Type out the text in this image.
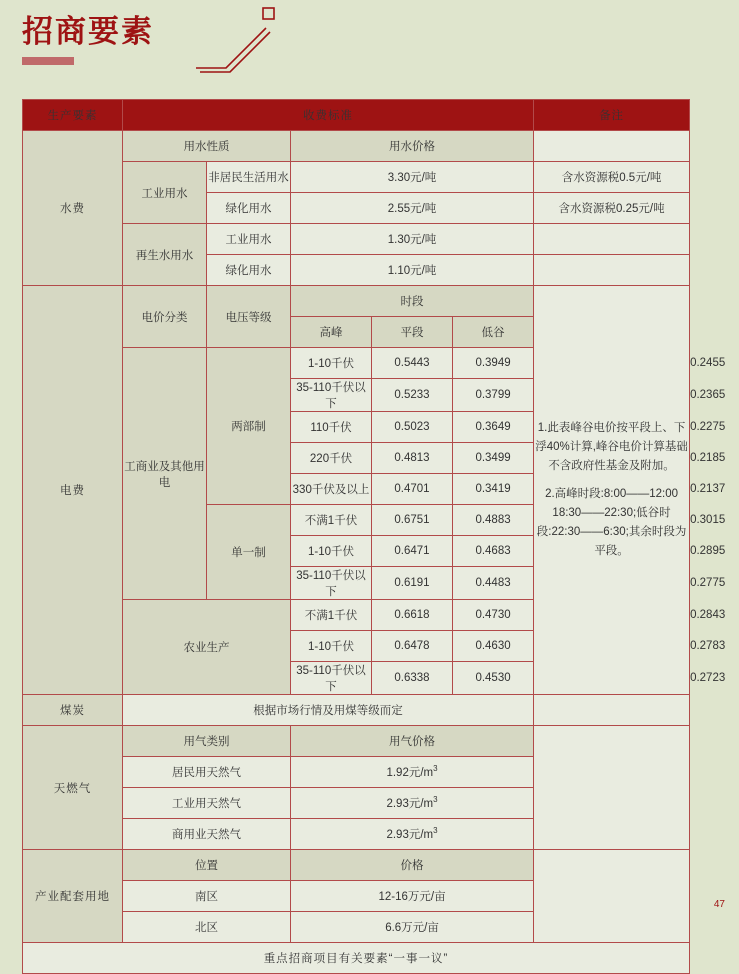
招商要素
生产要素	收费标准					备注	
水费	用水性质		用水价格				
	工业用水	非居民生活用水	3.30元/吨			含水资源税0.5元/吨	
		绿化用水	2.55元/吨			含水资源税0.25元/吨	
	再生水用水	工业用水	1.30元/吨				
		绿化用水	1.10元/吨				
电费	电价分类	电压等级	时段			1.此表峰谷电价按平段上、下浮40%计算,峰谷电价计算基础不含政府性基金及附加。

2.高峰时段:8:00——12:00 18:30——22:30;低谷时段:22:30——6:30;其余时段为平段。	

			高峰	平段	低谷		
	工商业及其他用电	两部制	1-10千伏	0.5443	0.3949		0.2455
			35-110千伏以下	0.5233	0.3799		0.2365
			110千伏	0.5023	0.3649		0.2275
			220千伏	0.4813	0.3499		0.2185
			330千伏及以上	0.4701	0.3419		0.2137
		单一制	不满1千伏	0.6751	0.4883		0.3015
			1-10千伏	0.6471	0.4683		0.2895
			35-110千伏以下	0.6191	0.4483		0.2775
	农业生产		不满1千伏	0.6618	0.4730		0.2843
			1-10千伏	0.6478	0.4630		0.2783
			35-110千伏以下	0.6338	0.4530		0.2723
煤炭	根据市场行情及用煤等级而定						
天燃气	用气类别		用气价格				
	居民用天然气		1.92元$/m^3$
	工业用天然气		2.93元$/m^3$
	商用业天然气		2.93元$/m^3$
产业配套用地	位置		价格				
	南区		12-16万元/亩				
	北区		6.6万元/亩				
重点招商项目有关要素“一事一议”							
47
